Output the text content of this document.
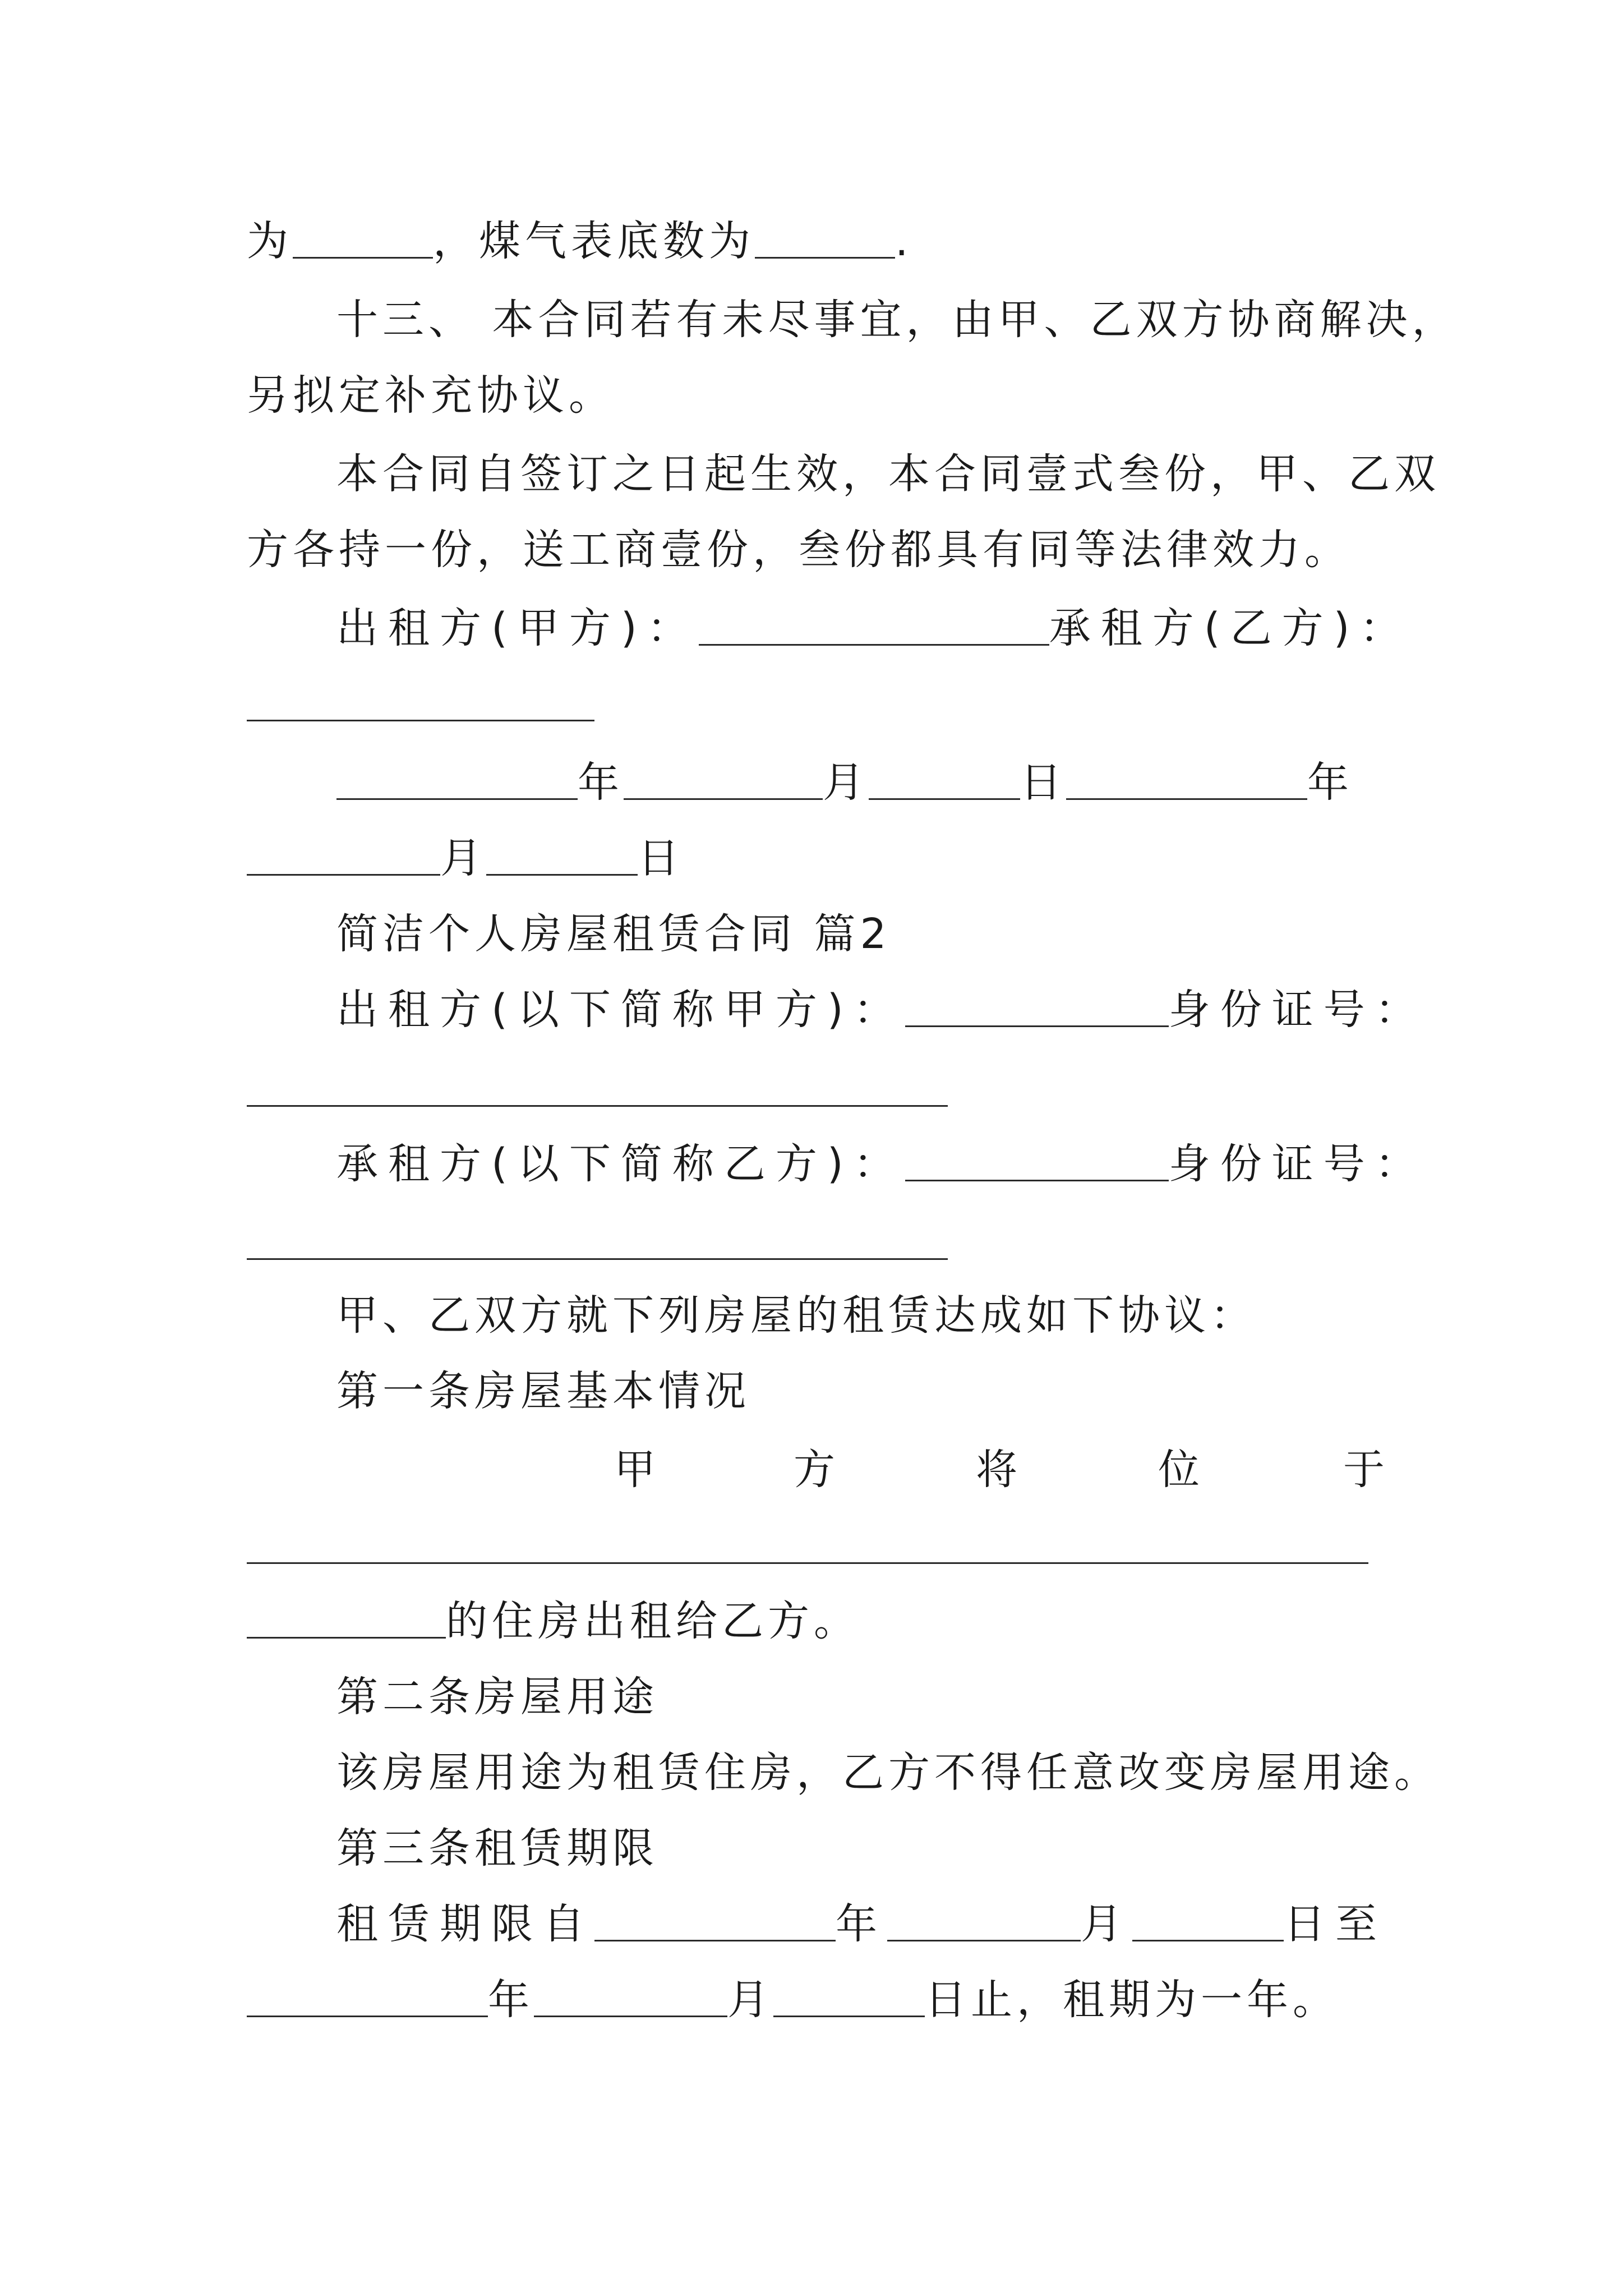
为	，煤气表底数为	.
十三、 本合同若有未尽事宜，由甲、乙双方协商解决，
另拟定补充协议。
本合同自签订之日起生效，本合同壹式叁份，甲、乙双
方各持一份，送工商壹份，叁份都具有同等法律效力。
出租方(甲方)：	承租方(乙方)：
年	月	日	年
月	日
简洁个人房屋租赁合同 篇2
出租方(以下简称甲方)：	身份证号：
承租方(以下简称乙方)：	身份证号：
甲、乙双方就下列房屋的租赁达成如下协议：
第一条房屋基本情况
甲	方	将	位	于
的住房出租给乙方。
第二条房屋用途
该房屋用途为租赁住房，乙方不得任意改变房屋用途。
第三条租赁期限
租赁期限自	年	月	日至
年	月	日止，租期为一年。
